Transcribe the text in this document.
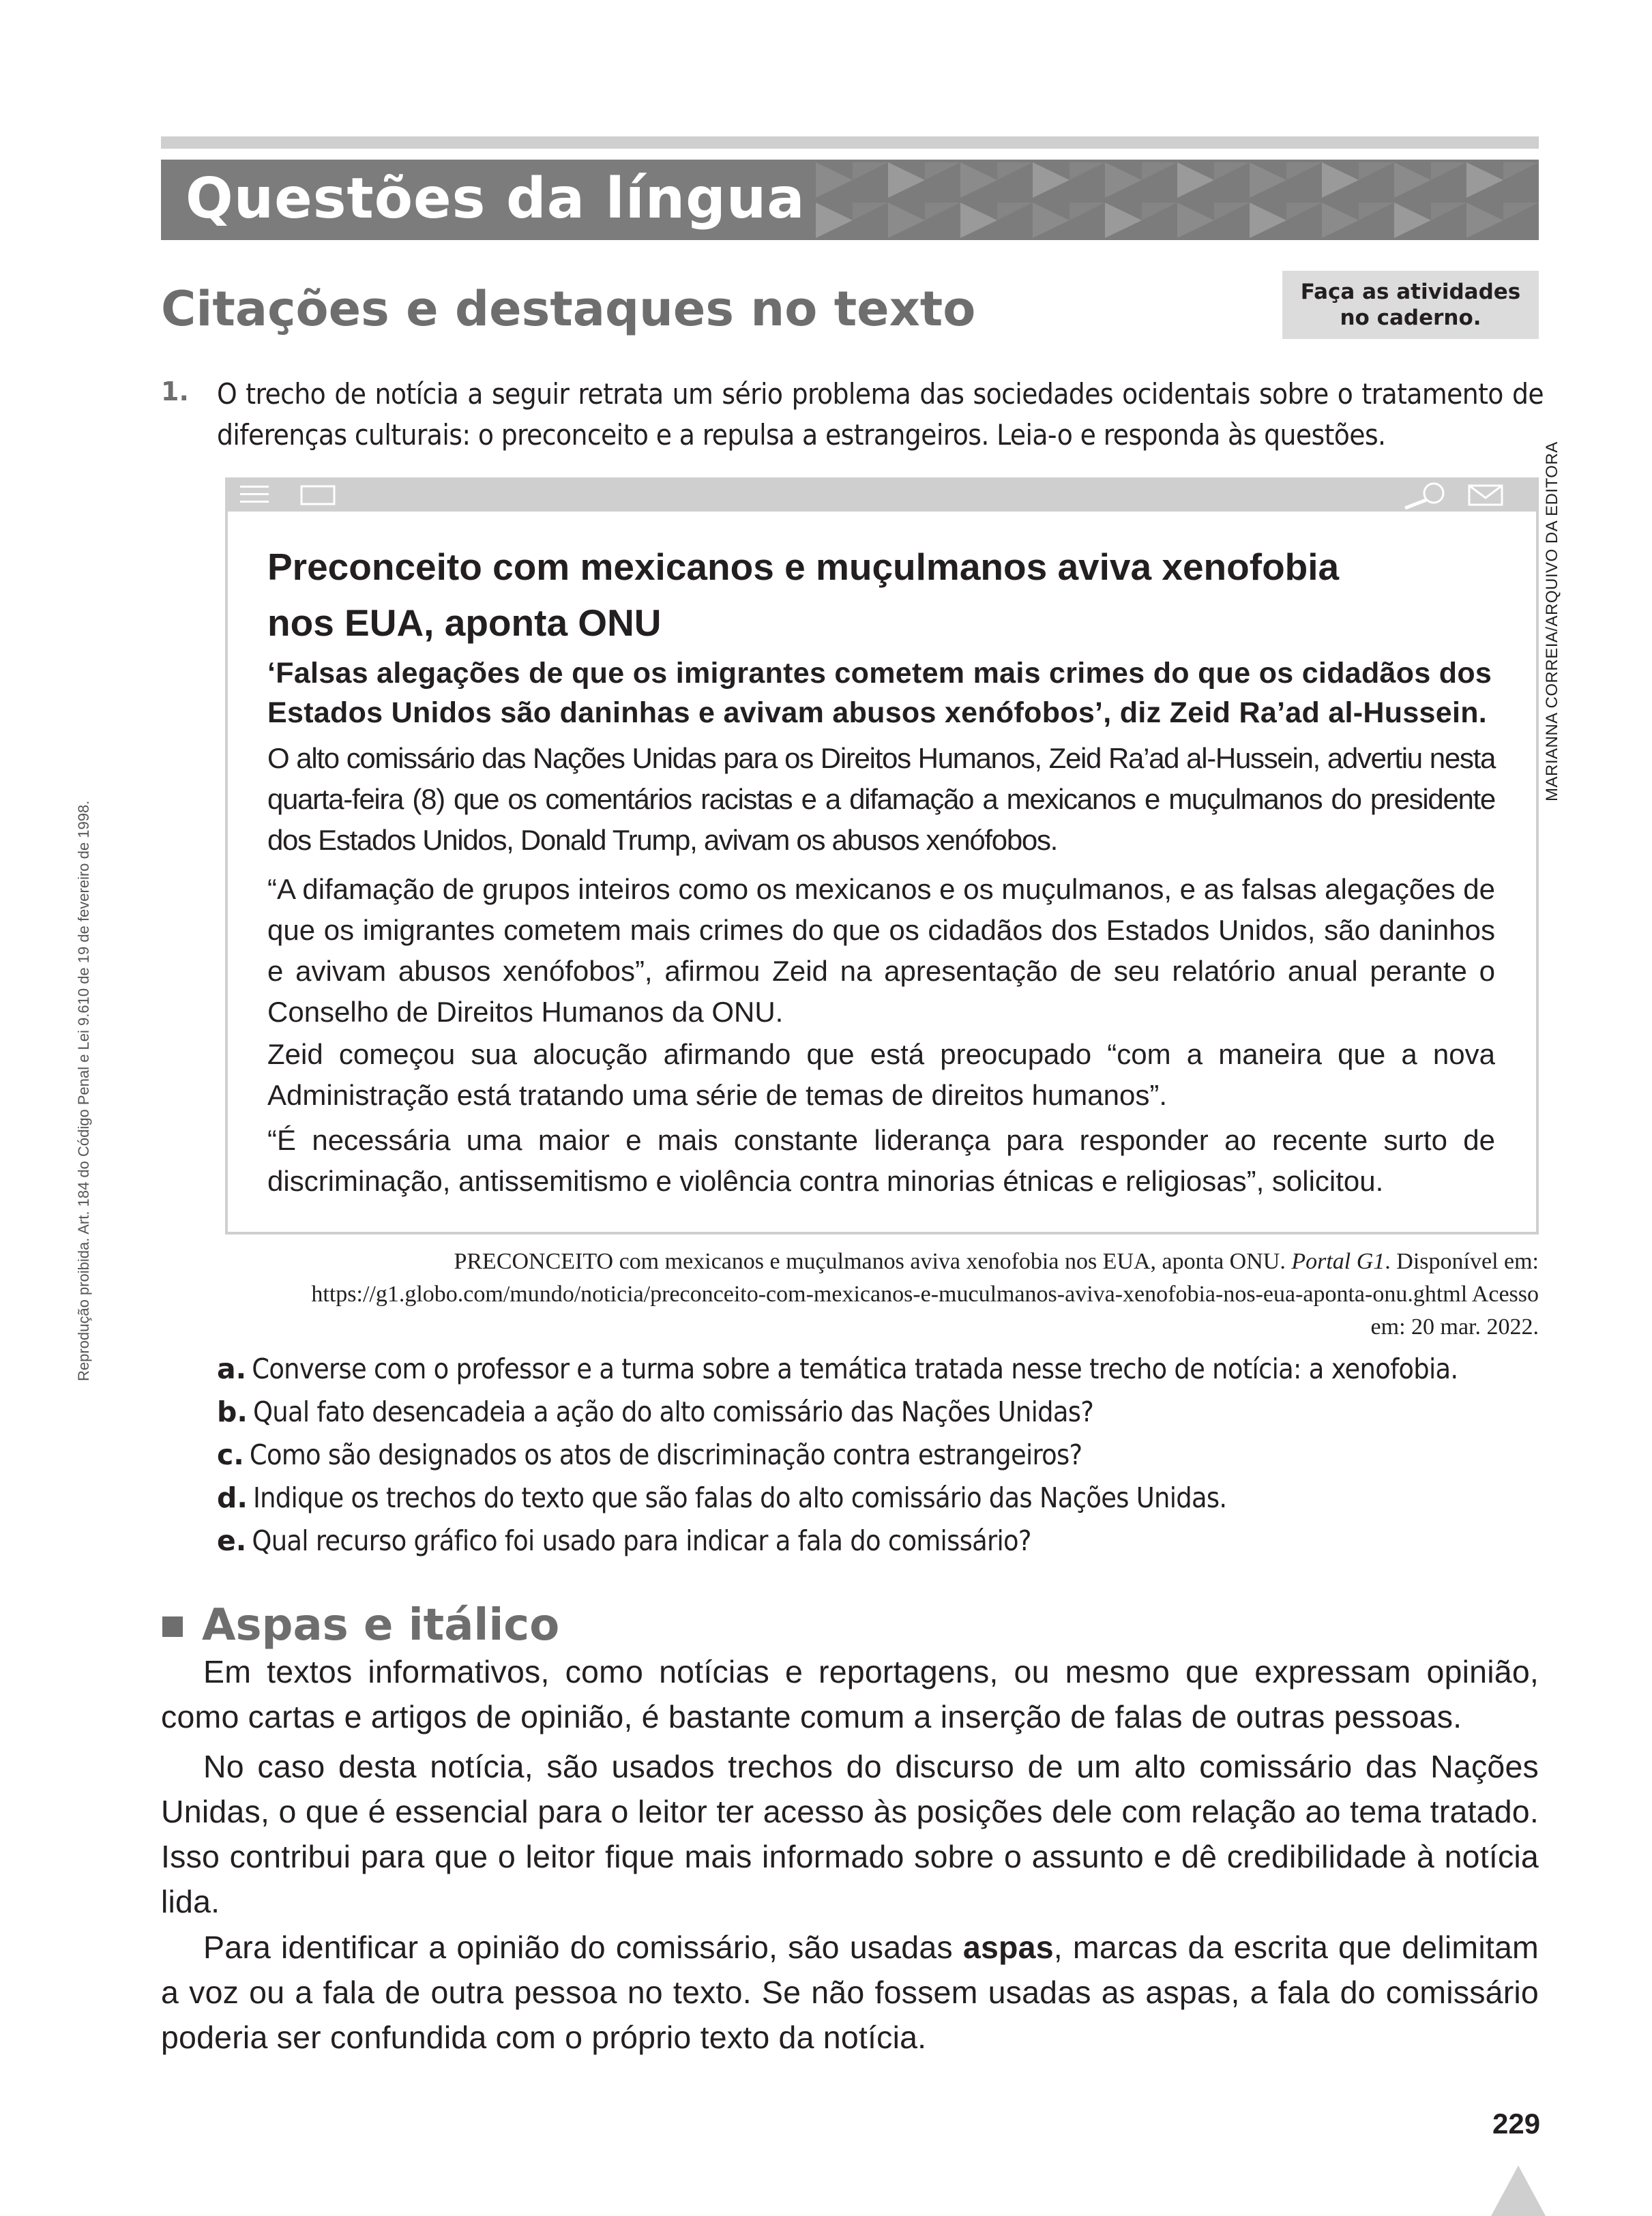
Questões da língua
Citações e destaques no texto	Faça as atividades
no caderno.
1. O trecho de notícia a seguir retrata um sério problema das sociedades ocidentais sobre o tratamento de diferenças culturais: o preconceito e a repulsa a estrangeiros. Leia-o e responda às questões.
Preconceito com mexicanos e muçulmanos aviva xenofobia
nos EUA, aponta ONU
‘Falsas alegações de que os imigrantes cometem mais crimes do que os cidadãos dos Estados Unidos são daninhas e avivam abusos xenófobos’, diz Zeid Ra’ad al-Hussein.
O alto comissário das Nações Unidas para os Direitos Humanos, Zeid Ra’ad al-Hussein, advertiu nesta quarta-feira (8) que os comentários racistas e a difamação a mexicanos e muçulmanos do presidente dos Estados Unidos, Donald Trump, avivam os abusos xenófobos.
“A difamação de grupos inteiros como os mexicanos e os muçulmanos, e as falsas alegações de que os imigrantes cometem mais crimes do que os cidadãos dos Estados Unidos, são daninhos e avivam abusos xenófobos”, afirmou Zeid na apresentação de seu relatório anual perante o Conselho de Direitos Humanos da ONU.
Zeid começou sua alocução afirmando que está preocupado “com a maneira que a nova Administração está tratando uma série de temas de direitos humanos”.
“É necessária uma maior e mais constante liderança para responder ao recente surto de discriminação, antissemitismo e violência contra minorias étnicas e religiosas”, solicitou.
MARIANNA CORREIA/ARQUIVO DA EDITORA
Reprodução proibida. Art. 184 do Código Penal e Lei 9.610 de 19 de fevereiro de 1998.	PRECONCEITO com mexicanos e muçulmanos aviva xenofobia nos EUA, aponta ONU. Portal G1. Disponível em: https://g1.globo.com/mundo/noticia/preconceito-com-mexicanos-e-muculmanos-aviva-xenofobia-nos-eua-aponta-onu.ghtml Acesso em: 20 mar. 2022.
a. Converse com o professor e a turma sobre a temática tratada nesse trecho de notícia: a xenofobia.
b. Qual fato desencadeia a ação do alto comissário das Nações Unidas?
c. Como são designados os atos de discriminação contra estrangeiros?
d. Indique os trechos do texto que são falas do alto comissário das Nações Unidas.
e. Qual recurso gráfico foi usado para indicar a fala do comissário?
Aspas e itálico
Em textos informativos, como notícias e reportagens, ou mesmo que expressam opinião, como cartas e artigos de opinião, é bastante comum a inserção de falas de outras pessoas.
No caso desta notícia, são usados trechos do discurso de um alto comissário das Nações Unidas, o que é essencial para o leitor ter acesso às posições dele com relação ao tema tratado. Isso contribui para que o leitor fique mais informado sobre o assunto e dê credibilidade à notícia lida.
Para identificar a opinião do comissário, são usadas aspas, marcas da escrita que delimitam a voz ou a fala de outra pessoa no texto. Se não fossem usadas as aspas, a fala do comissário poderia ser confundida com o próprio texto da notícia.
229
